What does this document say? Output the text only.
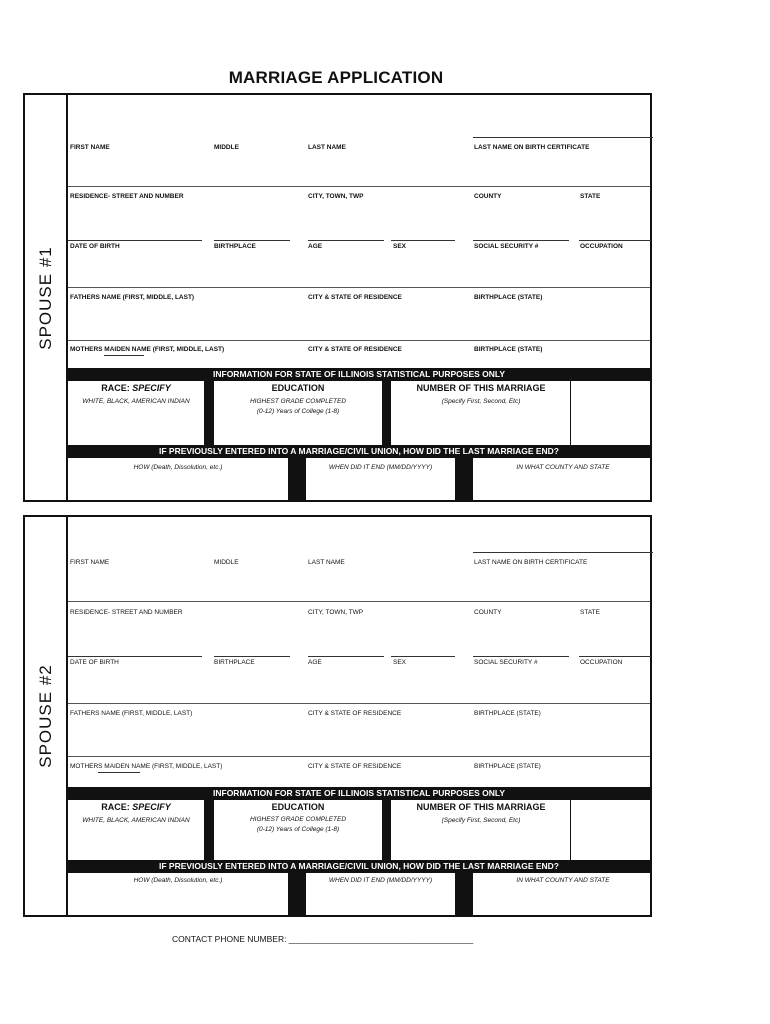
MARRIAGE APPLICATION
SPOUSE #1
FIRST NAME	MIDDLE	LAST NAME	LAST NAME ON BIRTH CERTIFICATE
RESIDENCE- STREET AND NUMBER	CITY, TOWN, TWP	COUNTY	STATE
DATE OF BIRTH	BIRTHPLACE	AGE	SEX	SOCIAL SECURITY #	OCCUPATION
FATHERS NAME (FIRST, MIDDLE, LAST)	CITY & STATE OF RESIDENCE	BIRTHPLACE (STATE)
MOTHERS MAIDEN NAME (FIRST, MIDDLE, LAST)	CITY & STATE OF RESIDENCE	BIRTHPLACE (STATE)
INFORMATION FOR STATE OF ILLINOIS STATISTICAL PURPOSES ONLY
RACE: SPECIFY
WHITE, BLACK, AMERICAN INDIAN
EDUCATION
HIGHEST GRADE COMPLETED
(0-12) Years of College (1-8)
NUMBER OF THIS MARRIAGE
(Specify First, Second, Etc)
IF PREVIOUSLY ENTERED INTO A MARRIAGE/CIVIL UNION, HOW DID THE LAST MARRIAGE END?
HOW (Death, Dissolution, etc.)	WHEN DID IT END (MM/DD/YYYY)	IN WHAT COUNTY AND STATE
SPOUSE #2
FIRST NAME	MIDDLE	LAST NAME	LAST NAME ON BIRTH CERTIFICATE
RESIDENCE- STREET AND NUMBER	CITY, TOWN, TWP	COUNTY	STATE
DATE OF BIRTH	BIRTHPLACE	AGE	SEX	SOCIAL SECURITY #	OCCUPATION
FATHERS NAME (FIRST, MIDDLE, LAST)	CITY & STATE OF RESIDENCE	BIRTHPLACE (STATE)
MOTHERS MAIDEN NAME (FIRST, MIDDLE, LAST)	CITY & STATE OF RESIDENCE	BIRTHPLACE (STATE)
INFORMATION FOR STATE OF ILLINOIS STATISTICAL PURPOSES ONLY
RACE: SPECIFY
WHITE, BLACK, AMERICAN INDIAN
EDUCATION
HIGHEST GRADE COMPLETED
(0-12) Years of College (1-8)
NUMBER OF THIS MARRIAGE
(Specify First, Second, Etc)
IF PREVIOUSLY ENTERED INTO A MARRIAGE/CIVIL UNION, HOW DID THE LAST MARRIAGE END?
HOW (Death, Dissolution, etc.)	WHEN DID IT END (MM/DD/YYYY)	IN WHAT COUNTY AND STATE
CONTACT PHONE NUMBER: _______________________________________
